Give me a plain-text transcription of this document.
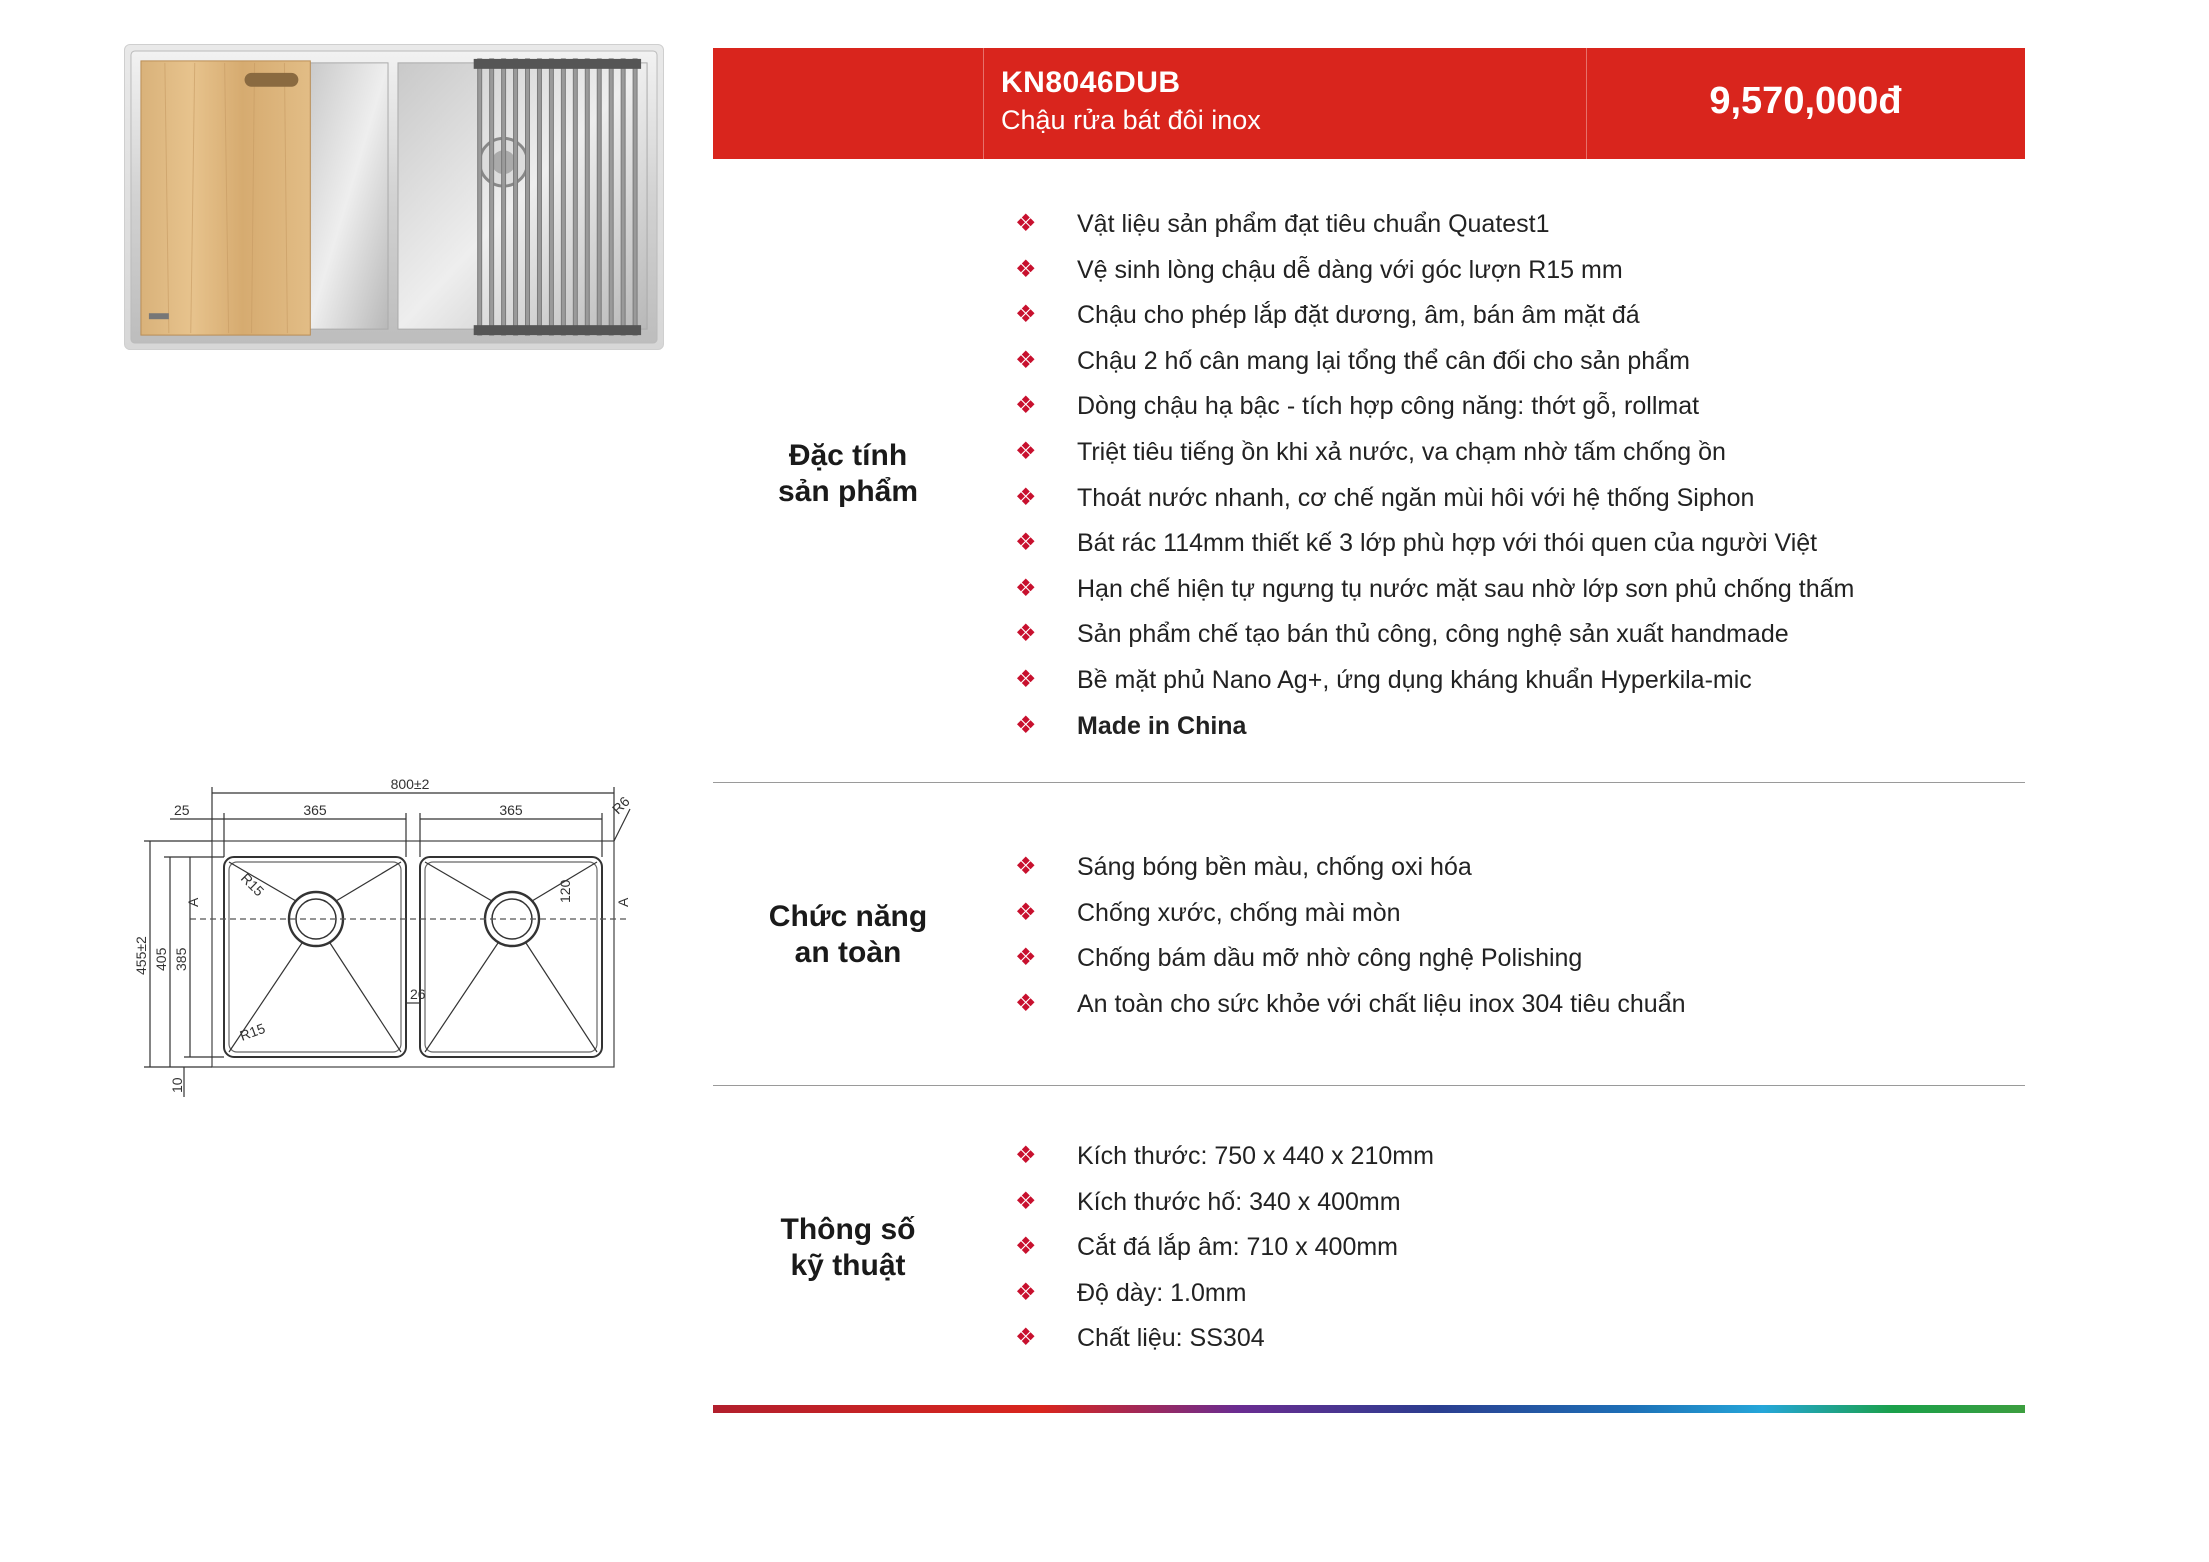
800±2
25	365	365	R6
R15
R15
120
26
455±2 405 385
10
A	A
KN8046DUB
Chậu rửa bát đôi inox	9,570,000đ
Đặc tính
sản phẩm
❖ Vật liệu sản phẩm đạt tiêu chuẩn Quatest1
❖ Vệ sinh lòng chậu dễ dàng với góc lượn R15 mm
❖ Chậu cho phép lắp đặt dương, âm, bán âm mặt đá
❖ Chậu 2 hố cân mang lại tổng thể cân đối cho sản phẩm
❖ Dòng chậu hạ bậc - tích hợp công năng: thớt gỗ, rollmat
❖ Triệt tiêu tiếng ồn khi xả nước, va chạm nhờ tấm chống ồn
❖ Thoát nước nhanh, cơ chế ngăn mùi hôi với hệ thống Siphon
❖ Bát rác 114mm thiết kế 3 lớp phù hợp với thói quen của người Việt
❖ Hạn chế hiện tự ngưng tụ nước mặt sau nhờ lớp sơn phủ chống thấm
❖ Sản phẩm chế tạo bán thủ công, công nghệ sản xuất handmade
❖ Bề mặt phủ Nano Ag+, ứng dụng kháng khuẩn Hyperkila-mic
❖ Made in China
Chức năng
an toàn
❖ Sáng bóng bền màu, chống oxi hóa
❖ Chống xước, chống mài mòn
❖ Chống bám dầu mỡ nhờ công nghệ Polishing
❖ An toàn cho sức khỏe với chất liệu inox 304 tiêu chuẩn
Thông số
kỹ thuật
❖ Kích thước: 750 x 440 x 210mm
❖ Kích thước hố: 340 x 400mm
❖ Cắt đá lắp âm: 710 x 400mm
❖ Độ dày: 1.0mm
❖ Chất liệu: SS304
